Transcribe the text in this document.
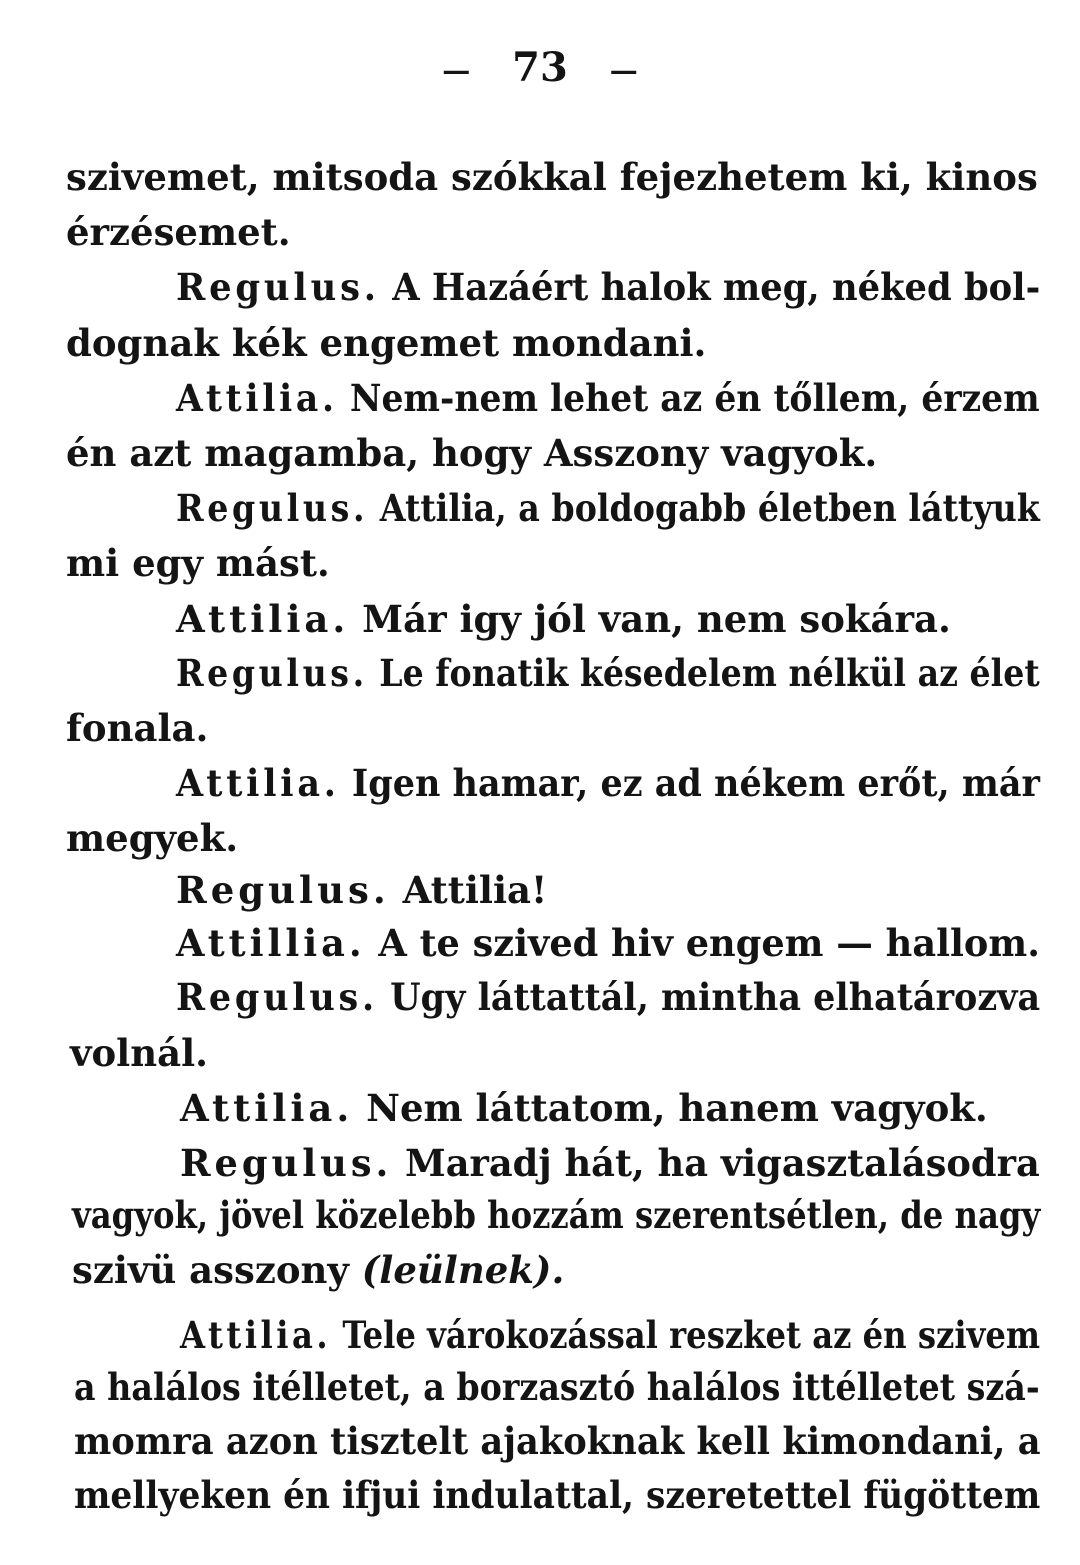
— 73 —
szivemet, mitsoda szókkal fejezhetem ki, kinos
érzésemet.
Regulus. A Hazáért halok meg, néked bol-
dognak kék engemet mondani.
Attilia. Nem-nem lehet az én tőllem, érzem
én azt magamba, hogy Asszony vagyok.
Regulus. Attilia, a boldogabb életben láttyuk
mi egy mást.
Attilia. Már igy jól van, nem sokára.
Regulus. Le fonatik késedelem nélkül az élet
fonala.
Attilia. Igen hamar, ez ad nékem erőt, már
megyek.
Regulus. Attilia!
Attillia. A te szived hiv engem — hallom.
Regulus. Ugy láttattál, mintha elhatározva
volnál.
Attilia. Nem láttatom, hanem vagyok.
Regulus. Maradj hát, ha vigasztalásodra
vagyok, jövel közelebb hozzám szerentsétlen, de nagy
szivü asszony (leülnek).
Attilia. Tele várokozással reszket az én szivem
a halálos itélletet, a borzasztó halálos ittélletet szá-
momra azon tisztelt ajakoknak kell kimondani, a
mellyeken én ifjui indulattal, szeretettel fügöttem
